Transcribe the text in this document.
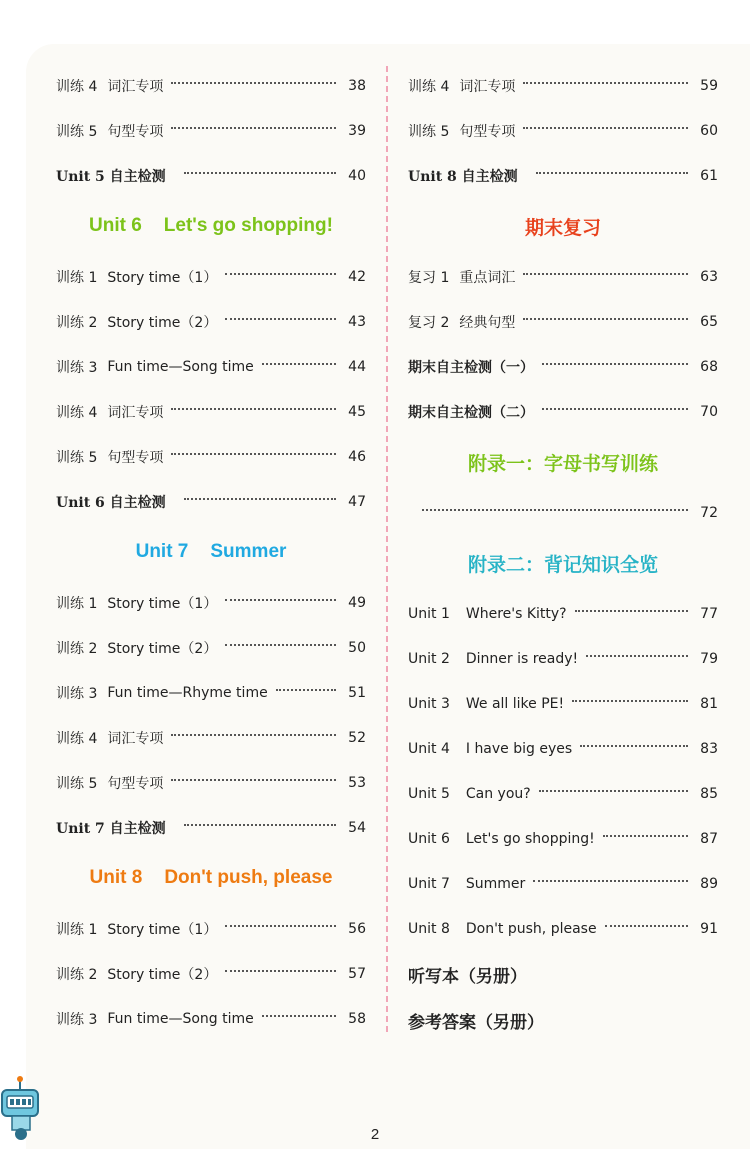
训练 4 词汇专项	38
训练 5 句型专项	39
Unit 5 自主检测	40
Unit 6 Let's go shopping!
训练 1 Story time（1）	42
训练 2 Story time（2）	43
训练 3 Fun time—Song time	44
训练 4 词汇专项	45
训练 5 句型专项	46
Unit 6 自主检测	47
Unit 7 Summer
训练 1 Story time（1）	49
训练 2 Story time（2）	50
训练 3 Fun time—Rhyme time	51
训练 4 词汇专项	52
训练 5 句型专项	53
Unit 7 自主检测	54
Unit 8 Don't push, please
训练 1 Story time（1）	56
训练 2 Story time（2）	57
训练 3 Fun time—Song time	58
训练 4 词汇专项	59
训练 5 句型专项	60
Unit 8 自主检测	61
期末复习
复习 1 重点词汇	63
复习 2 经典句型	65
期末自主检测（一）	68
期末自主检测（二）	70
附录一：字母书写训练
72
附录二：背记知识全览
Unit 1 Where's Kitty?	77
Unit 2 Dinner is ready!	79
Unit 3 We all like PE!	81
Unit 4 I have big eyes	83
Unit 5 Can you?	85
Unit 6 Let's go shopping!	87
Unit 7 Summer	89
Unit 8 Don't push, please	91
听写本（另册）
参考答案（另册）
2
